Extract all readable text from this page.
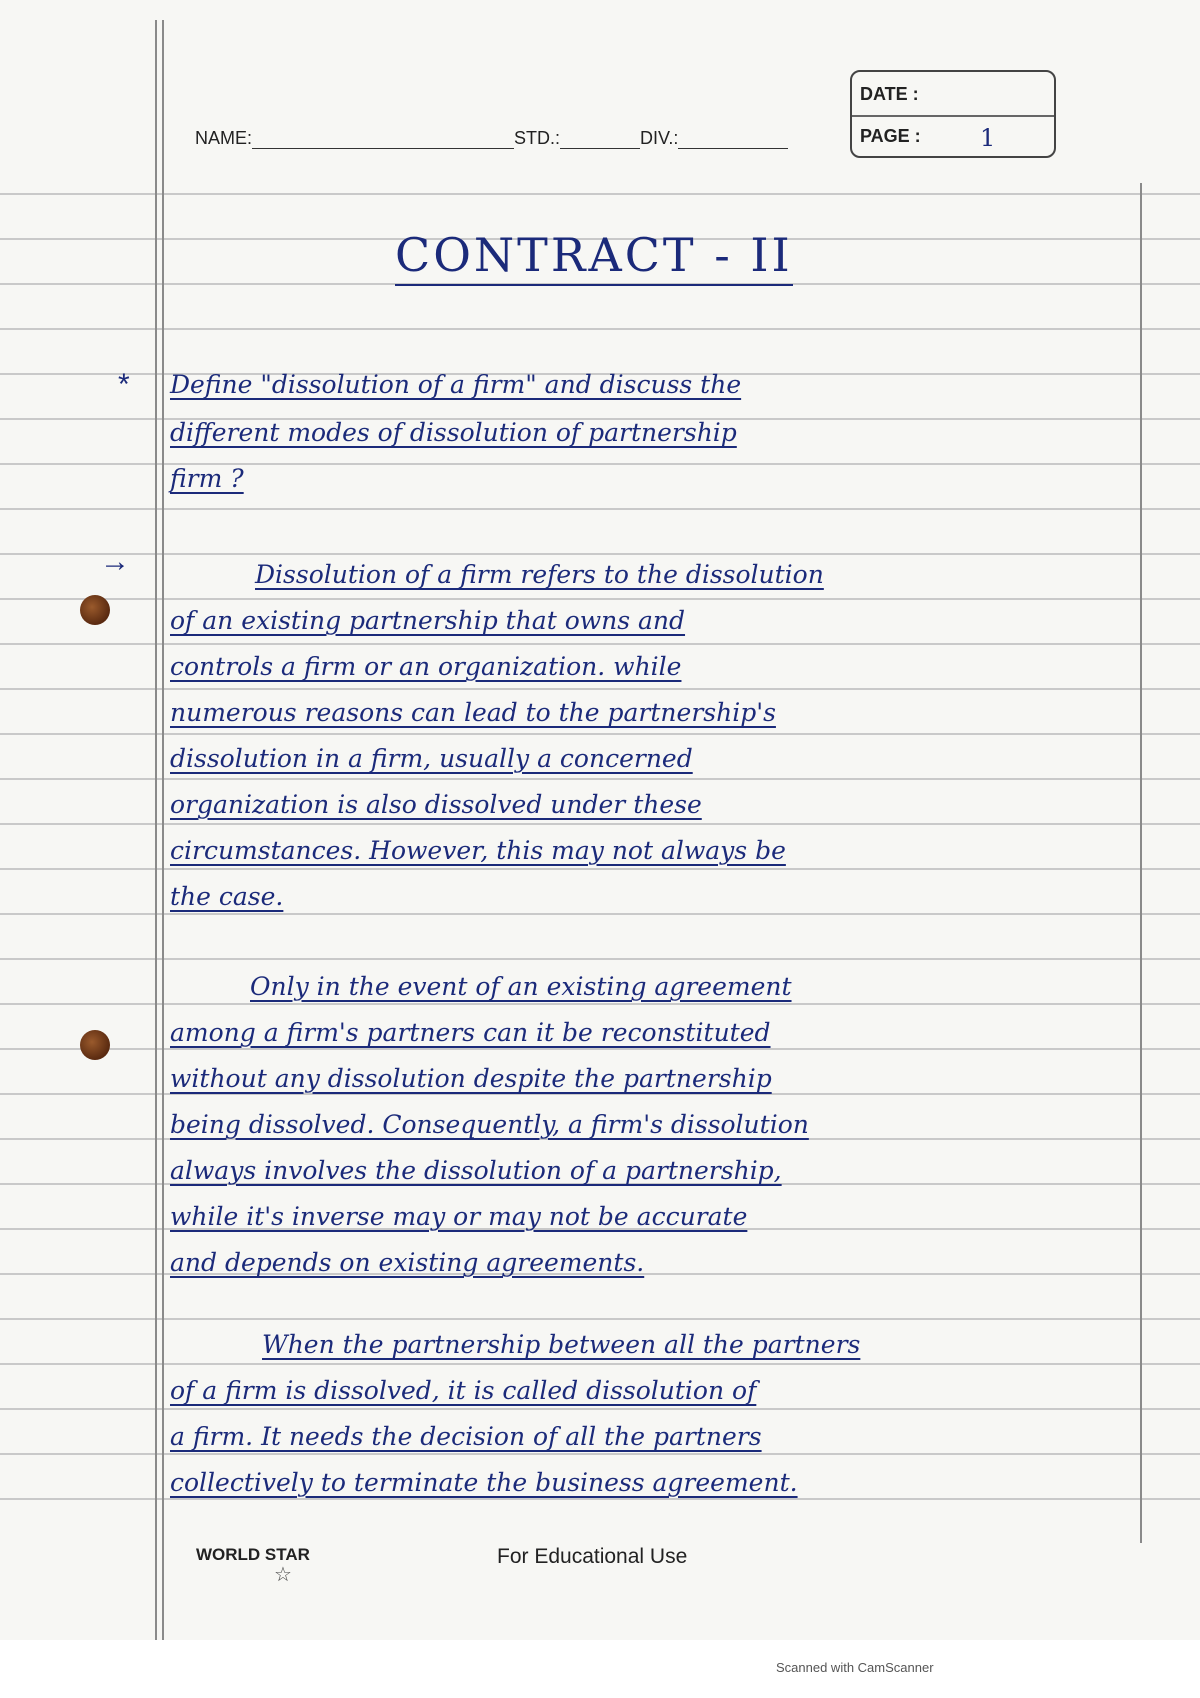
NAME:	STD.:	DIV.:
DATE :
PAGE : 1
CONTRACT - II
* Define "dissolution of a firm" and discuss the
different modes of dissolution of partnership
firm ?
→	Dissolution of a firm refers to the dissolution
of an existing partnership that owns and
controls a firm or an organization. while
numerous reasons can lead to the partnership's
dissolution in a firm, usually a concerned
organization is also dissolved under these
circumstances. However, this may not always be
the case.
Only in the event of an existing agreement
among a firm's partners can it be reconstituted
without any dissolution despite the partnership
being dissolved. Consequently, a firm's dissolution
always involves the dissolution of a partnership,
while it's inverse may or may not be accurate
and depends on existing agreements.
When the partnership between all the partners
of a firm is dissolved, it is called dissolution of
a firm. It needs the decision of all the partners
collectively to terminate the business agreement.
WORLD STAR
☆
For Educational Use
Scanned with CamScanner
